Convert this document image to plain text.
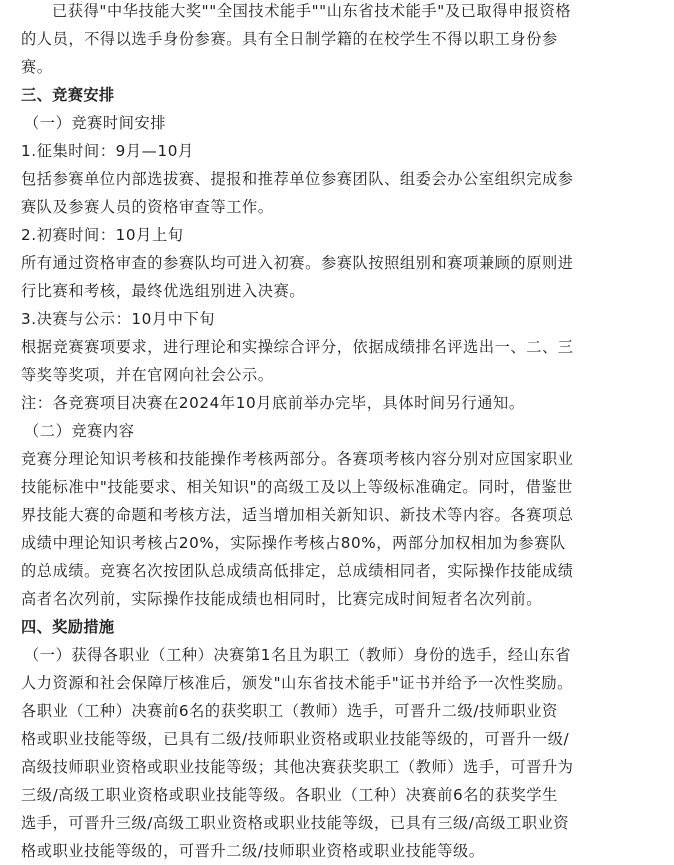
已获得"中华技能大奖""全国技术能手""山东省技术能手"及已取得申报资格
的人员，不得以选手身份参赛。具有全日制学籍的在校学生不得以职工身份参
赛。
三、竞赛安排
（一）竞赛时间安排
1.征集时间：9月—10月
包括参赛单位内部选拔赛、提报和推荐单位参赛团队、组委会办公室组织完成参
赛队及参赛人员的资格审查等工作。
2.初赛时间：10月上旬
所有通过资格审查的参赛队均可进入初赛。参赛队按照组别和赛项兼顾的原则进
行比赛和考核，最终优选组别进入决赛。
3.决赛与公示：10月中下旬
根据竞赛赛项要求，进行理论和实操综合评分，依据成绩排名评选出一、二、三
等奖等奖项，并在官网向社会公示。
注：各竞赛项目决赛在2024年10月底前举办完毕，具体时间另行通知。
（二）竞赛内容
竞赛分理论知识考核和技能操作考核两部分。各赛项考核内容分别对应国家职业
技能标准中"技能要求、相关知识"的高级工及以上等级标准确定。同时，借鉴世
界技能大赛的命题和考核方法，适当增加相关新知识、新技术等内容。各赛项总
成绩中理论知识考核占20%，实际操作考核占80%，两部分加权相加为参赛队
的总成绩。竞赛名次按团队总成绩高低排定，总成绩相同者，实际操作技能成绩
高者名次列前，实际操作技能成绩也相同时，比赛完成时间短者名次列前。
四、奖励措施
（一）获得各职业（工种）决赛第1名且为职工（教师）身份的选手，经山东省
人力资源和社会保障厅核准后，颁发"山东省技术能手"证书并给予一次性奖励。
各职业（工种）决赛前6名的获奖职工（教师）选手，可晋升二级/技师职业资
格或职业技能等级，已具有二级/技师职业资格或职业技能等级的，可晋升一级/
高级技师职业资格或职业技能等级；其他决赛获奖职工（教师）选手，可晋升为
三级/高级工职业资格或职业技能等级。各职业（工种）决赛前6名的获奖学生
选手，可晋升三级/高级工职业资格或职业技能等级，已具有三级/高级工职业资
格或职业技能等级的，可晋升二级/技师职业资格或职业技能等级。
